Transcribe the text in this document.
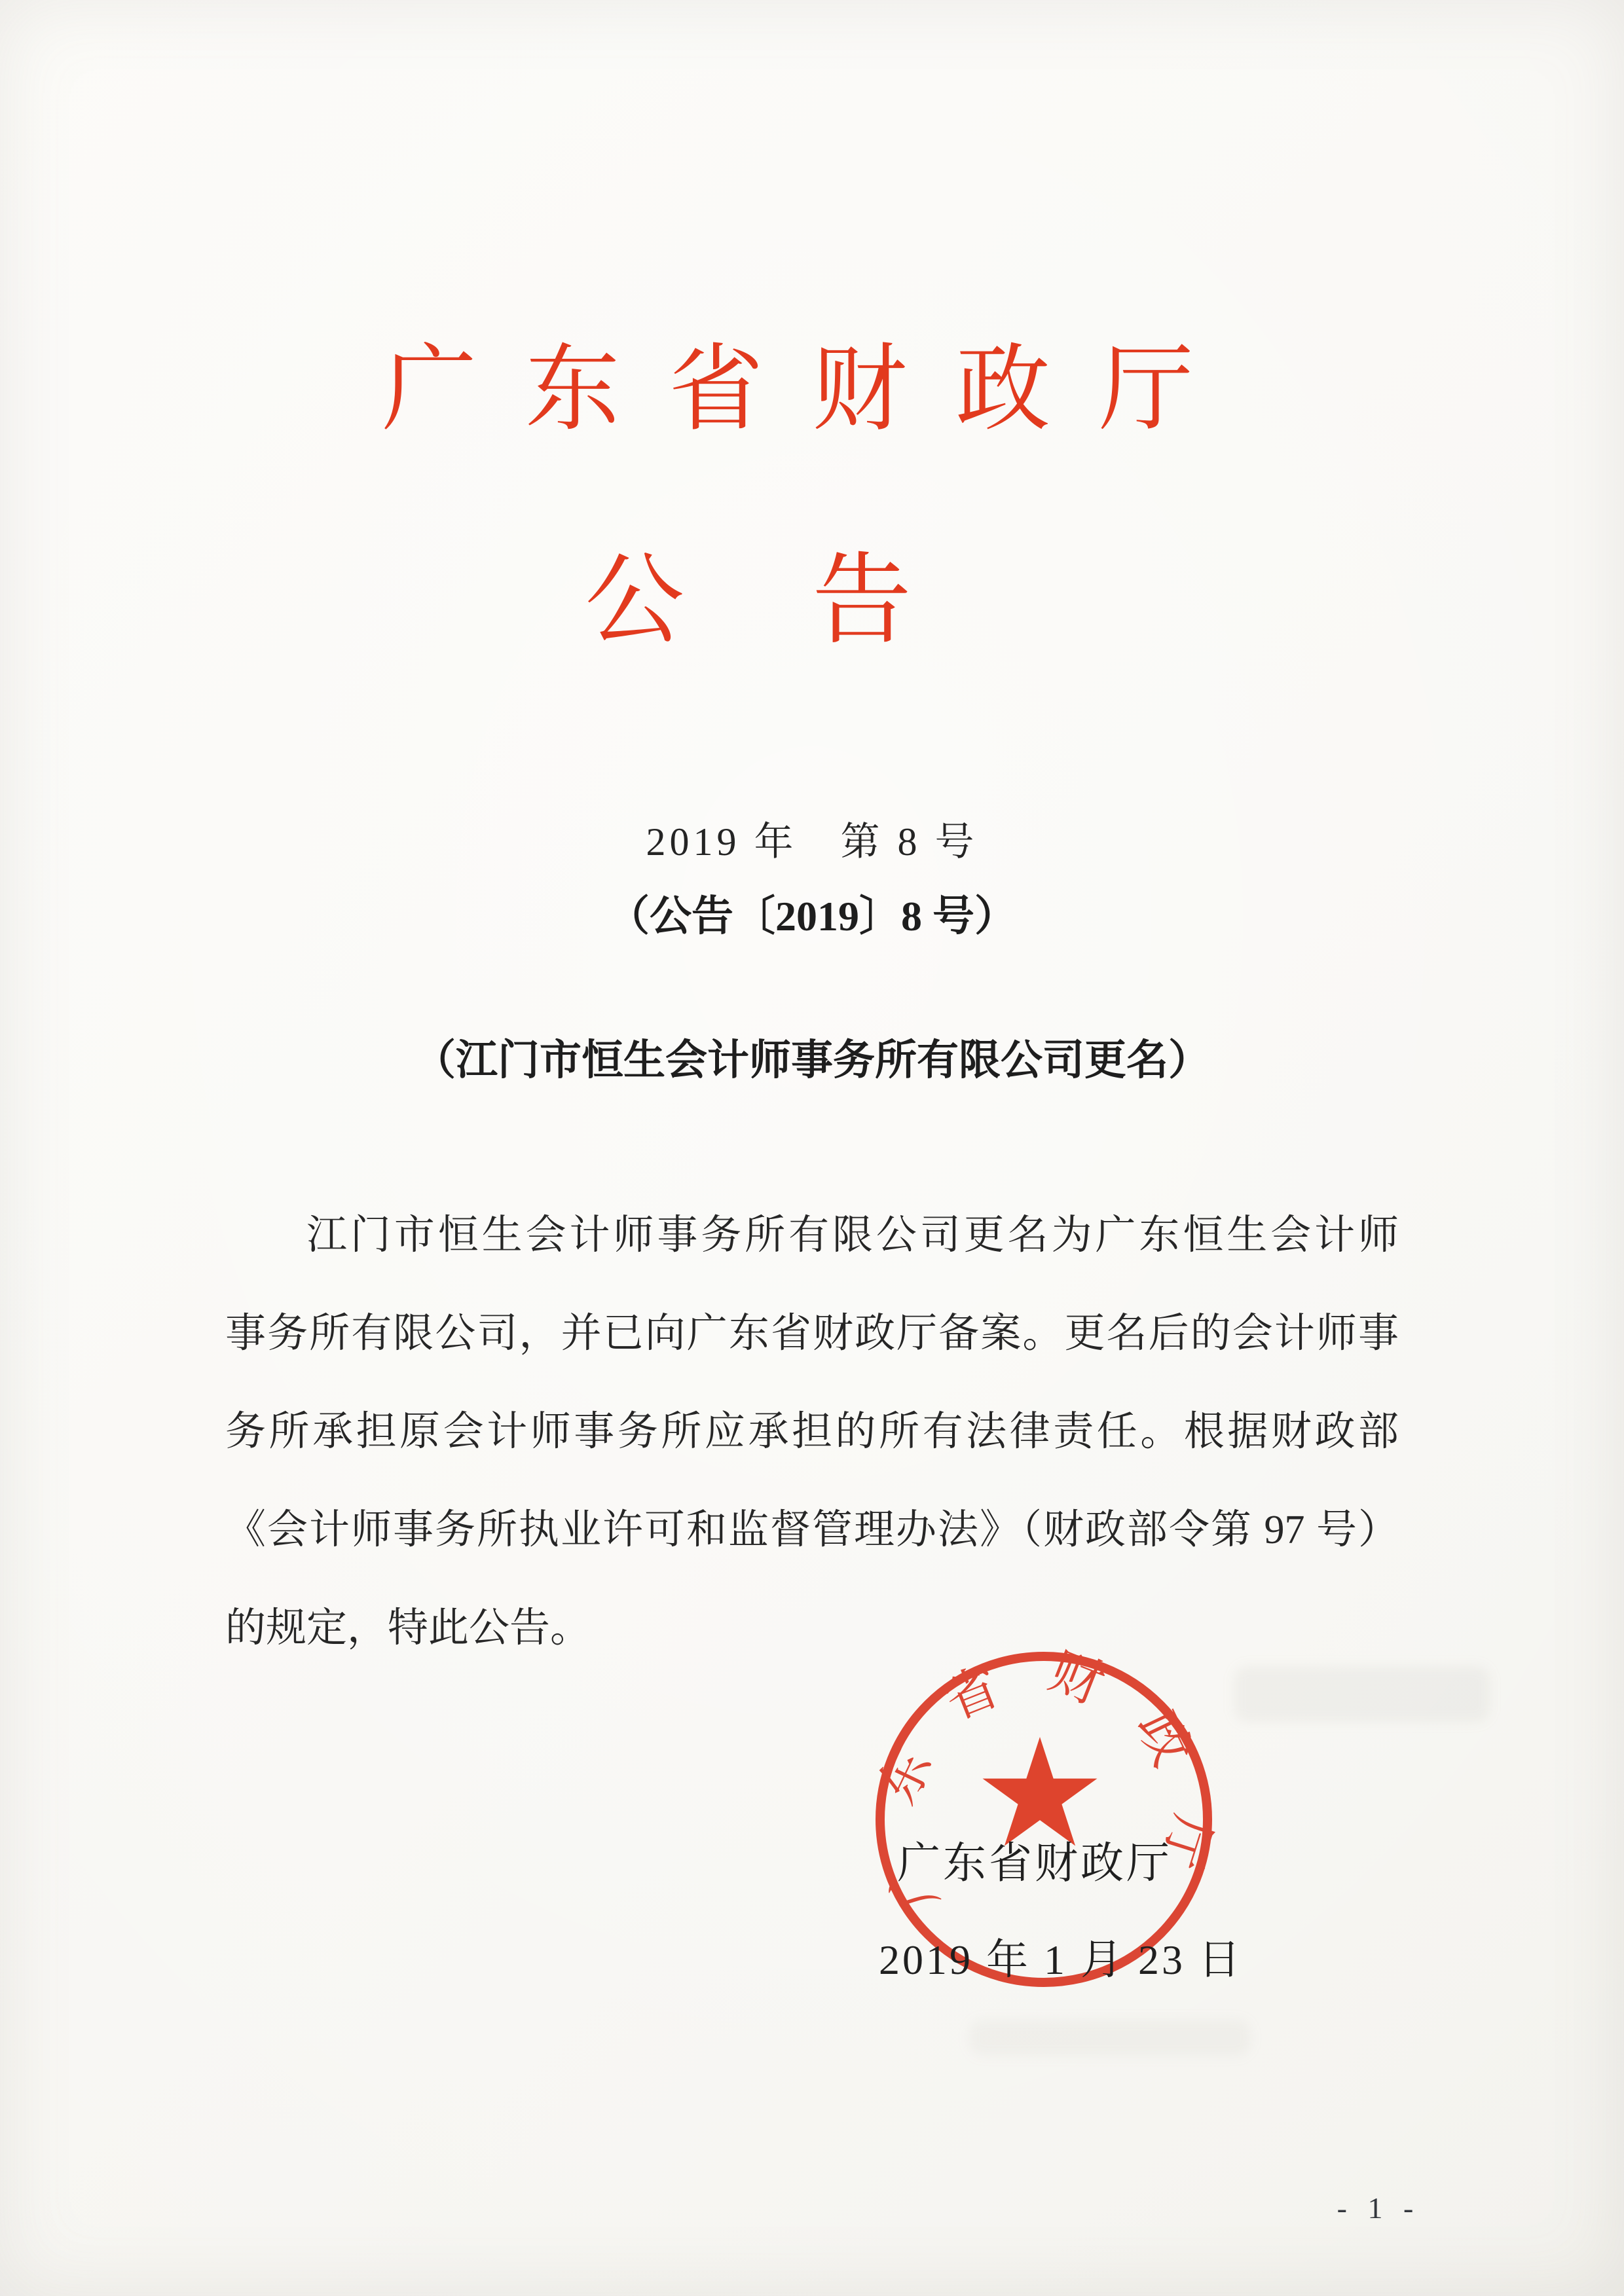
广东省财政厅
公告
2019 年　第 8 号
（公告〔2019〕8 号）
（江门市恒生会计师事务所有限公司更名）
江门市恒生会计师事务所有限公司更名为广东恒生会计师
事务所有限公司，并已向广东省财政厅备案。更名后的会计师事
务所承担原会计师事务所应承担的所有法律责任。根据财政部
《会计师事务所执业许可和监督管理办法》（财政部令第 97 号）
的规定，特此公告。
广东省财政厅
广东省财政厅
2019 年 1 月 23 日
- 1 -
